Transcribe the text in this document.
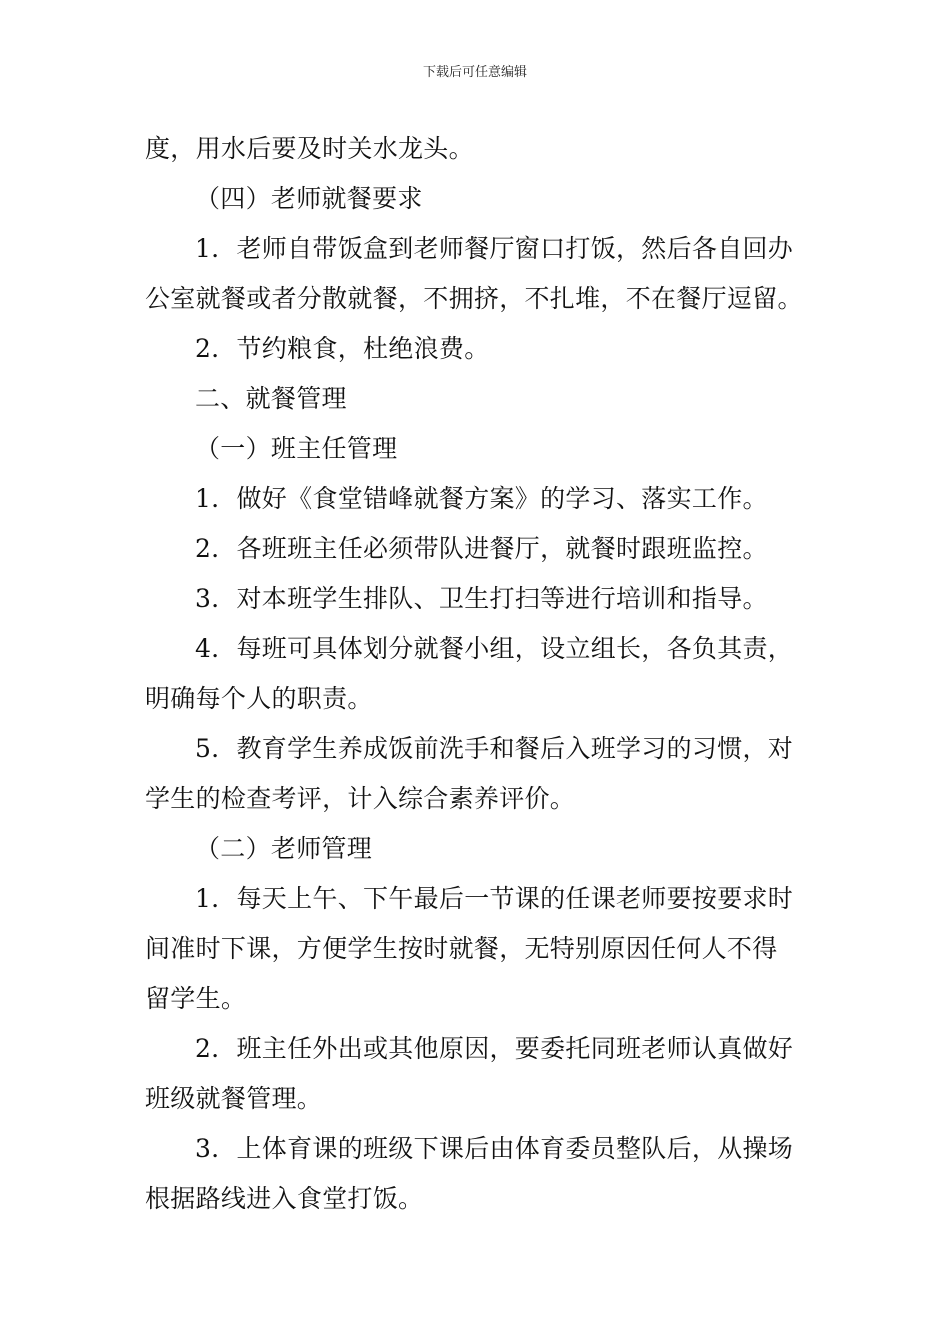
下载后可任意编辑

度，用水后要及时关水龙头。

（四）老师就餐要求

1．老师自带饭盒到老师餐厅窗口打饭，然后各自回办

公室就餐或者分散就餐，不拥挤，不扎堆，不在餐厅逗留。

2．节约粮食，杜绝浪费。

二、就餐管理

（一）班主任管理

1．做好《食堂错峰就餐方案》的学习、落实工作。

2．各班班主任必须带队进餐厅，就餐时跟班监控。

3．对本班学生排队、卫生打扫等进行培训和指导。

4．每班可具体划分就餐小组，设立组长，各负其责，

明确每个人的职责。

5．教育学生养成饭前洗手和餐后入班学习的习惯，对

学生的检查考评，计入综合素养评价。

（二）老师管理

1．每天上午、下午最后一节课的任课老师要按要求时

间准时下课，方便学生按时就餐，无特别原因任何人不得

留学生。

2．班主任外出或其他原因，要委托同班老师认真做好

班级就餐管理。

3．上体育课的班级下课后由体育委员整队后，从操场

根据路线进入食堂打饭。
